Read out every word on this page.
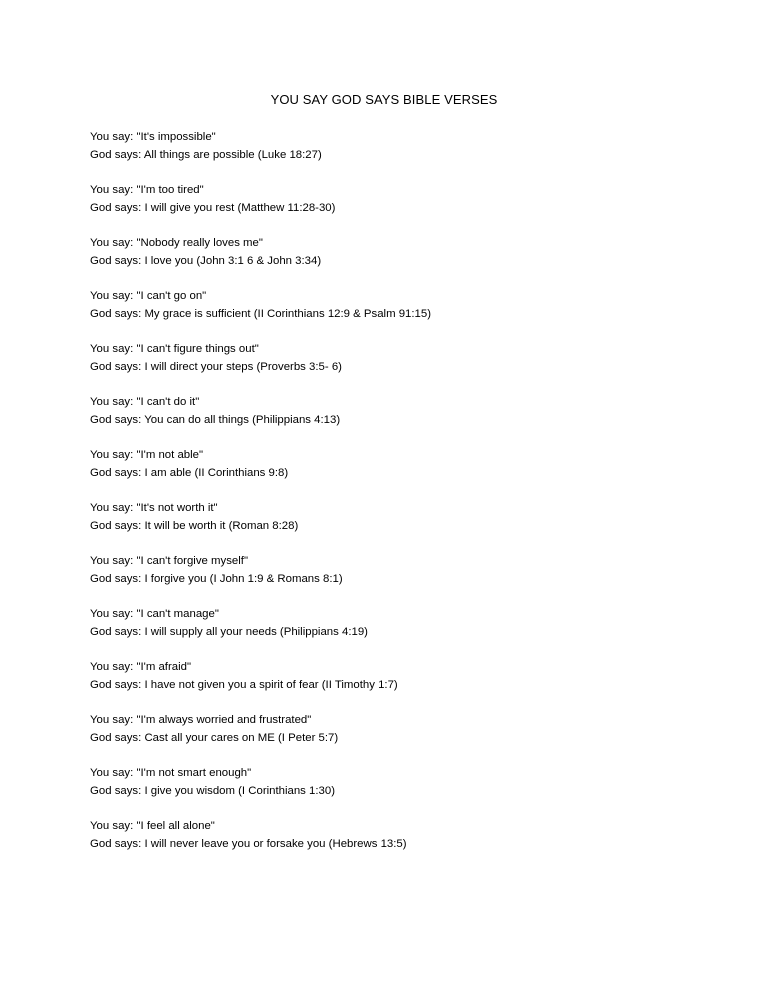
YOU SAY GOD SAYS BIBLE VERSES
You say: "It's impossible"
God says: All things are possible (Luke 18:27)
You say: "I'm too tired"
God says: I will give you rest (Matthew 11:28-30)
You say: "Nobody really loves me"
God says: I love you (John 3:1 6 & John 3:34)
You say: "I can't go on"
God says: My grace is sufficient (II Corinthians 12:9 & Psalm 91:15)
You say: "I can't figure things out"
God says: I will direct your steps (Proverbs 3:5- 6)
You say: "I can't do it"
God says: You can do all things (Philippians 4:13)
You say: "I'm not able"
God says: I am able (II Corinthians 9:8)
You say: "It's not worth it"
God says: It will be worth it (Roman 8:28)
You say: "I can't forgive myself"
God says: I forgive you (I John 1:9 & Romans 8:1)
You say: "I can't manage"
God says: I will supply all your needs (Philippians 4:19)
You say: "I'm afraid"
God says: I have not given you a spirit of fear (II Timothy 1:7)
You say: "I'm always worried and frustrated"
God says: Cast all your cares on ME (I Peter 5:7)
You say: "I'm not smart enough"
God says: I give you wisdom (I Corinthians 1:30)
You say: "I feel all alone"
God says: I will never leave you or forsake you (Hebrews 13:5)
